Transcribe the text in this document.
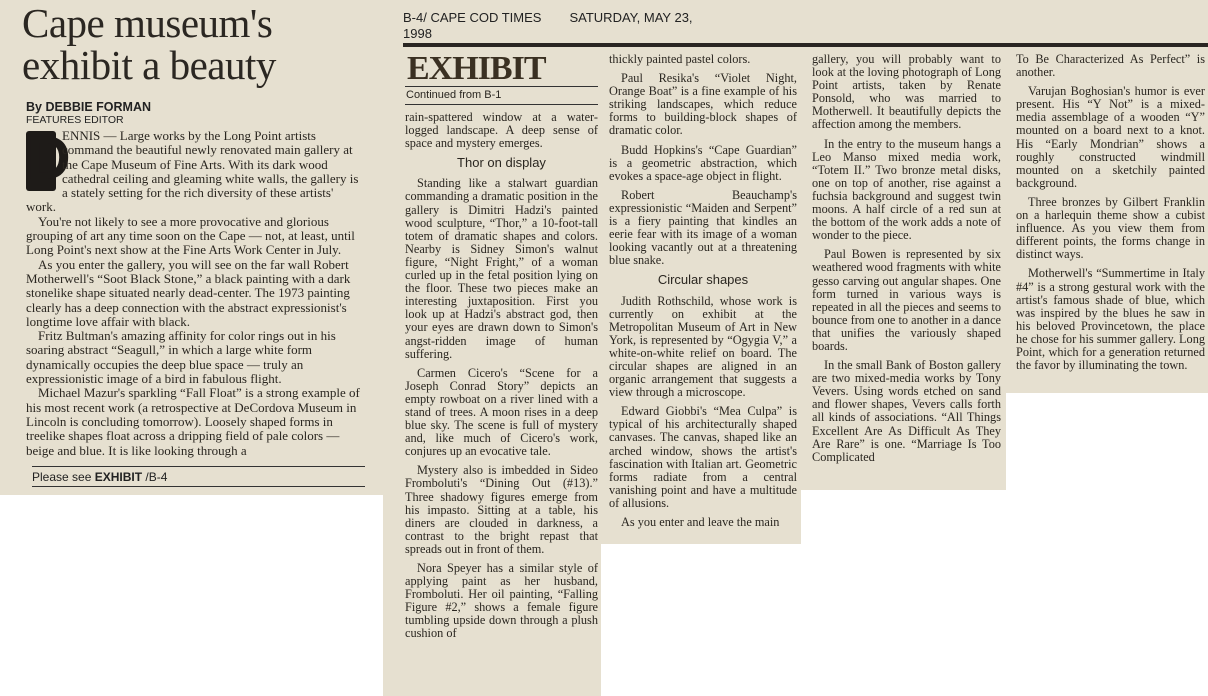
Cape museum's
exhibit a beauty
By DEBBIE FORMAN
FEATURES EDITOR

D
ENNIS — Large works by the Long Point artists command the beautiful newly renovated main gallery at the Cape Museum of Fine Arts. With its dark wood cathedral ceiling and gleaming white walls, the gallery is a stately setting for the rich diversity of these artists' work.

You're not likely to see a more provocative and glorious grouping of art any time soon on the Cape — not, at least, until Long Point's next show at the Fine Arts Work Center in July.

As you enter the gallery, you will see on the far wall Robert Motherwell's “Soot Black Stone,” a black painting with a dark stonelike shape situated nearly dead-center. The 1973 painting clearly has a deep connection with the abstract expressionist's longtime love affair with black.

Fritz Bultman's amazing affinity for color rings out in his soaring abstract “Seagull,” in which a large white form dynamically occupies the deep blue space — truly an expressionistic image of a bird in fabulous flight.

Michael Mazur's sparkling “Fall Float” is a strong example of his most recent work (a retrospective at DeCordova Museum in Lincoln is concluding tomorrow). Loosely shaped forms in treelike shapes float across a dripping field of pale colors — beige and blue. It is like looking through a

Please see EXHIBIT /B-4
B-4/ CAPE COD TIMES SATURDAY, MAY 23, 1998
EXHIBIT
Continued from B-1

rain-spattered window at a water-logged landscape. A deep sense of space and mystery emerges.

Thor on display

Standing like a stalwart guardian commanding a dramatic position in the gallery is Dimitri Hadzi's painted wood sculpture, “Thor,” a 10-foot-tall totem of dramatic shapes and colors. Nearby is Sidney Simon's walnut figure, “Night Fright,” of a woman curled up in the fetal position lying on the floor. These two pieces make an interesting juxtaposition. First you look up at Hadzi's abstract god, then your eyes are drawn down to Simon's angst-ridden image of human suffering.

Carmen Cicero's “Scene for a Joseph Conrad Story” depicts an empty rowboat on a river lined with a stand of trees. A moon rises in a deep blue sky. The scene is full of mystery and, like much of Cicero's work, conjures up an evocative tale.

Mystery also is imbedded in Sideo Fromboluti's “Dining Out (#13).” Three shadowy figures emerge from his impasto. Sitting at a table, his diners are clouded in darkness, a contrast to the bright repast that spreads out in front of them.

Nora Speyer has a similar style of applying paint as her husband, Fromboluti. Her oil painting, “Falling Figure #2,” shows a female figure tumbling upside down through a plush cushion of

thickly painted pastel colors.

Paul Resika's “Violet Night, Orange Boat” is a fine example of his striking landscapes, which reduce forms to building-block shapes of dramatic color.

Budd Hopkins's “Cape Guardian” is a geometric abstraction, which evokes a space-age object in flight.

Robert Beauchamp's expressionistic “Maiden and Serpent” is a fiery painting that kindles an eerie fear with its image of a woman looking vacantly out at a threatening blue snake.

Circular shapes

Judith Rothschild, whose work is currently on exhibit at the Metropolitan Museum of Art in New York, is represented by “Ogygia V,” a white-on-white relief on board. The circular shapes are aligned in an organic arrangement that suggests a view through a microscope.

Edward Giobbi's “Mea Culpa” is typical of his architecturally shaped canvases. The canvas, shaped like an arched window, shows the artist's fascination with Italian art. Geometric forms radiate from a central vanishing point and have a multitude of allusions.

As you enter and leave the main

gallery, you will probably want to look at the loving photograph of Long Point artists, taken by Renate Ponsold, who was married to Motherwell. It beautifully depicts the affection among the members.

In the entry to the museum hangs a Leo Manso mixed media work, “Totem II.” Two bronze metal disks, one on top of another, rise against a fuchsia background and suggest twin moons. A half circle of a red sun at the bottom of the work adds a note of wonder to the piece.

Paul Bowen is represented by six weathered wood fragments with white gesso carving out angular shapes. One form turned in various ways is repeated in all the pieces and seems to bounce from one to another in a dance that unifies the variously shaped boards.

In the small Bank of Boston gallery are two mixed-media works by Tony Vevers. Using words etched on sand and flower shapes, Vevers calls forth all kinds of associations. “All Things Excellent Are As Difficult As They Are Rare” is one. “Marriage Is Too Complicated

To Be Characterized As Perfect” is another.

Varujan Boghosian's humor is ever present. His “Y Not” is a mixed-media assemblage of a wooden “Y” mounted on a board next to a knot. His “Early Mondrian” shows a roughly constructed windmill mounted on a sketchily painted background.

Three bronzes by Gilbert Franklin on a harlequin theme show a cubist influence. As you view them from different points, the forms change in distinct ways.

Motherwell's “Summertime in Italy #4” is a strong gestural work with the artist's famous shade of blue, which was inspired by the blues he saw in his beloved Provincetown, the place he chose for his summer gallery. Long Point, which for a generation returned the favor by illuminating the town.
